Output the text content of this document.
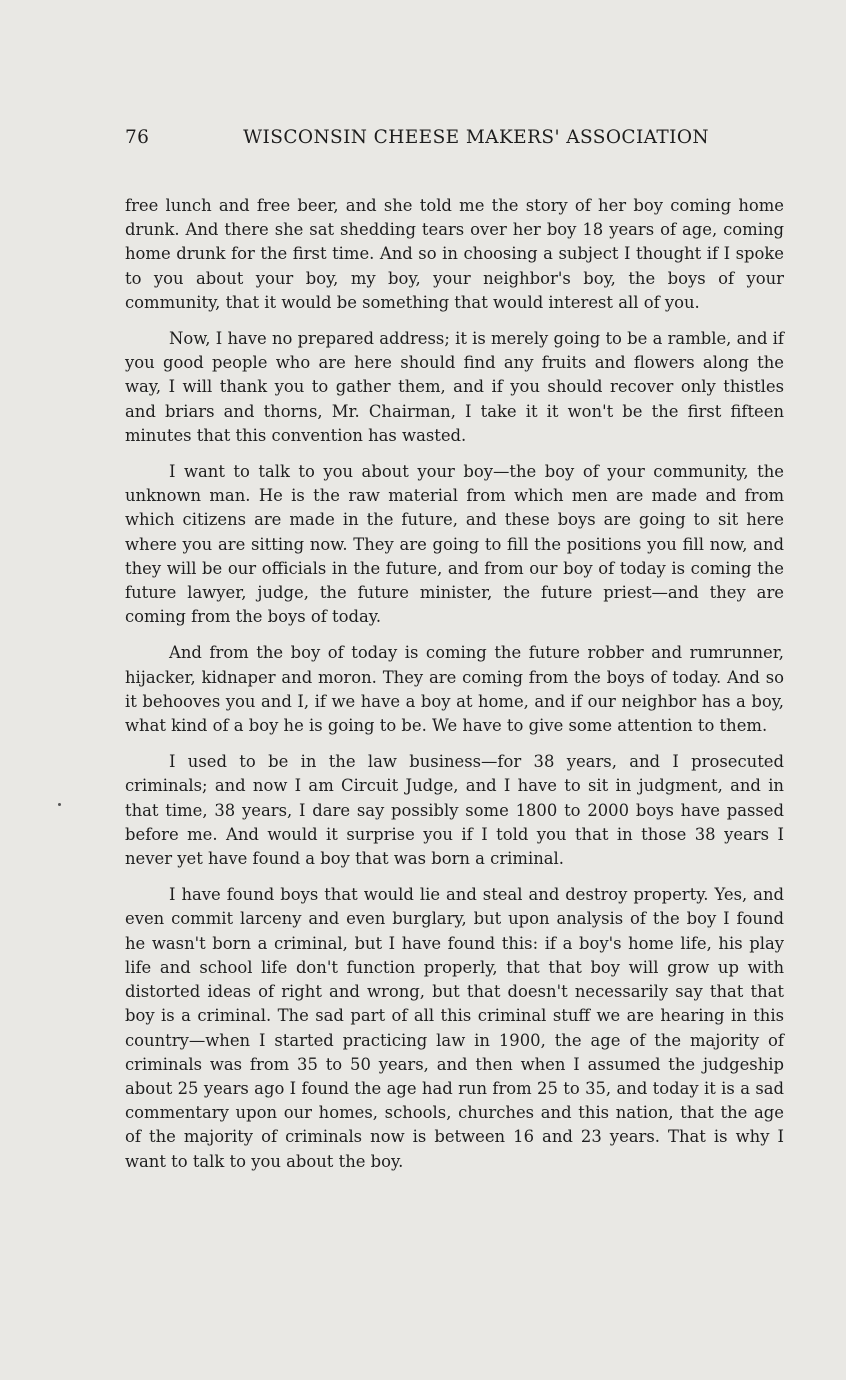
76	WISCONSIN CHEESE MAKERS' ASSOCIATION

free lunch and free beer, and she told me the story of her boy coming home drunk. And there she sat shedding tears over her boy 18 years of age, coming home drunk for the first time. And so in choosing a subject I thought if I spoke to you about your boy, my boy, your neighbor's boy, the boys of your community, that it would be something that would interest all of you.

Now, I have no prepared address; it is merely going to be a ramble, and if you good people who are here should find any fruits and flowers along the way, I will thank you to gather them, and if you should recover only thistles and briars and thorns, Mr. Chairman, I take it it won't be the first fifteen minutes that this convention has wasted.

I want to talk to you about your boy—the boy of your community, the unknown man. He is the raw material from which men are made and from which citizens are made in the future, and these boys are going to sit here where you are sitting now. They are going to fill the positions you fill now, and they will be our officials in the future, and from our boy of today is coming the future lawyer, judge, the future minister, the future priest—and they are coming from the boys of today.

And from the boy of today is coming the future robber and rumrunner, hijacker, kidnaper and moron. They are coming from the boys of today. And so it behooves you and I, if we have a boy at home, and if our neighbor has a boy, what kind of a boy he is going to be. We have to give some attention to them.

I used to be in the law business—for 38 years, and I prosecuted criminals; and now I am Circuit Judge, and I have to sit in judgment, and in that time, 38 years, I dare say possibly some 1800 to 2000 boys have passed before me. And would it surprise you if I told you that in those 38 years I never yet have found a boy that was born a criminal.

I have found boys that would lie and steal and destroy property. Yes, and even commit larceny and even burglary, but upon analysis of the boy I found he wasn't born a criminal, but I have found this: if a boy's home life, his play life and school life don't function properly, that that boy will grow up with distorted ideas of right and wrong, but that doesn't necessarily say that that boy is a criminal. The sad part of all this criminal stuff we are hearing in this country—when I started practicing law in 1900, the age of the majority of criminals was from 35 to 50 years, and then when I assumed the judgeship about 25 years ago I found the age had run from 25 to 35, and today it is a sad commentary upon our homes, schools, churches and this nation, that the age of the majority of criminals now is between 16 and 23 years. That is why I want to talk to you about the boy.
